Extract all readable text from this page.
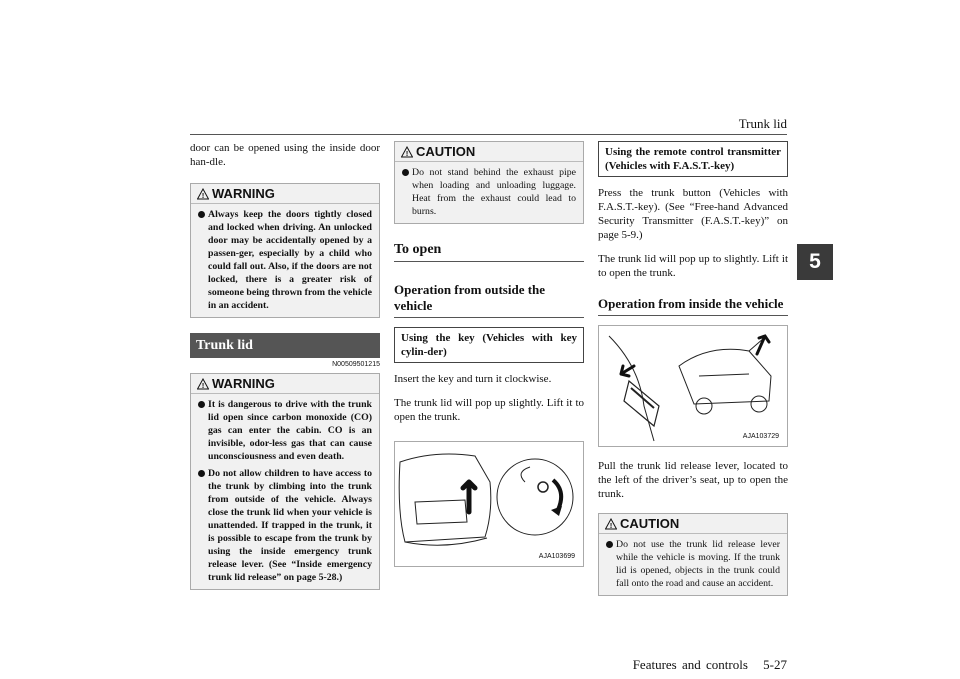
Trunk lid
5

door can be opened using the inside door han-dle.

! WARNING
Always keep the doors tightly closed and locked when driving. An unlocked door may be accidentally opened by a passen-ger, especially by a child who could fall out. Also, if the doors are not locked, there is a greater risk of someone being thrown from the vehicle in an accident.
Trunk lid
N00509501215
! WARNING
It is dangerous to drive with the trunk lid open since carbon monoxide (CO) gas can enter the cabin. CO is an invisible, odor-less gas that can cause unconsciousness and even death.
Do not allow children to have access to the trunk by climbing into the trunk from outside of the vehicle. Always close the trunk lid when your vehicle is unattended. If trapped in the trunk, it is possible to escape from the trunk by using the inside emergency trunk release lever. (See “Inside emergency trunk lid release” on page 5-28.)
! CAUTION
Do not stand behind the exhaust pipe when loading and unloading luggage. Heat from the exhaust could lead to burns.
To open
Operation from outside the vehicle
Using the key (Vehicles with key cylin-der)

Insert the key and turn it clockwise.

The trunk lid will pop up slightly. Lift it to open the trunk.

AJA103699
Using the remote control transmitter (Vehicles with F.A.S.T.-key)

Press the trunk button (Vehicles with F.A.S.T.-key). (See “Free-hand Advanced Security Transmitter (F.A.S.T.-key)” on page 5-9.)

The trunk lid will pop up to slightly. Lift it to open the trunk.

Operation from inside the vehicle
AJA103729

Pull the trunk lid release lever, located to the left of the driver’s seat, up to open the trunk.

! CAUTION
Do not use the trunk lid release lever while the vehicle is moving. If the trunk lid is opened, objects in the trunk could fall onto the road and cause an accident.
Features and controls 5-27
